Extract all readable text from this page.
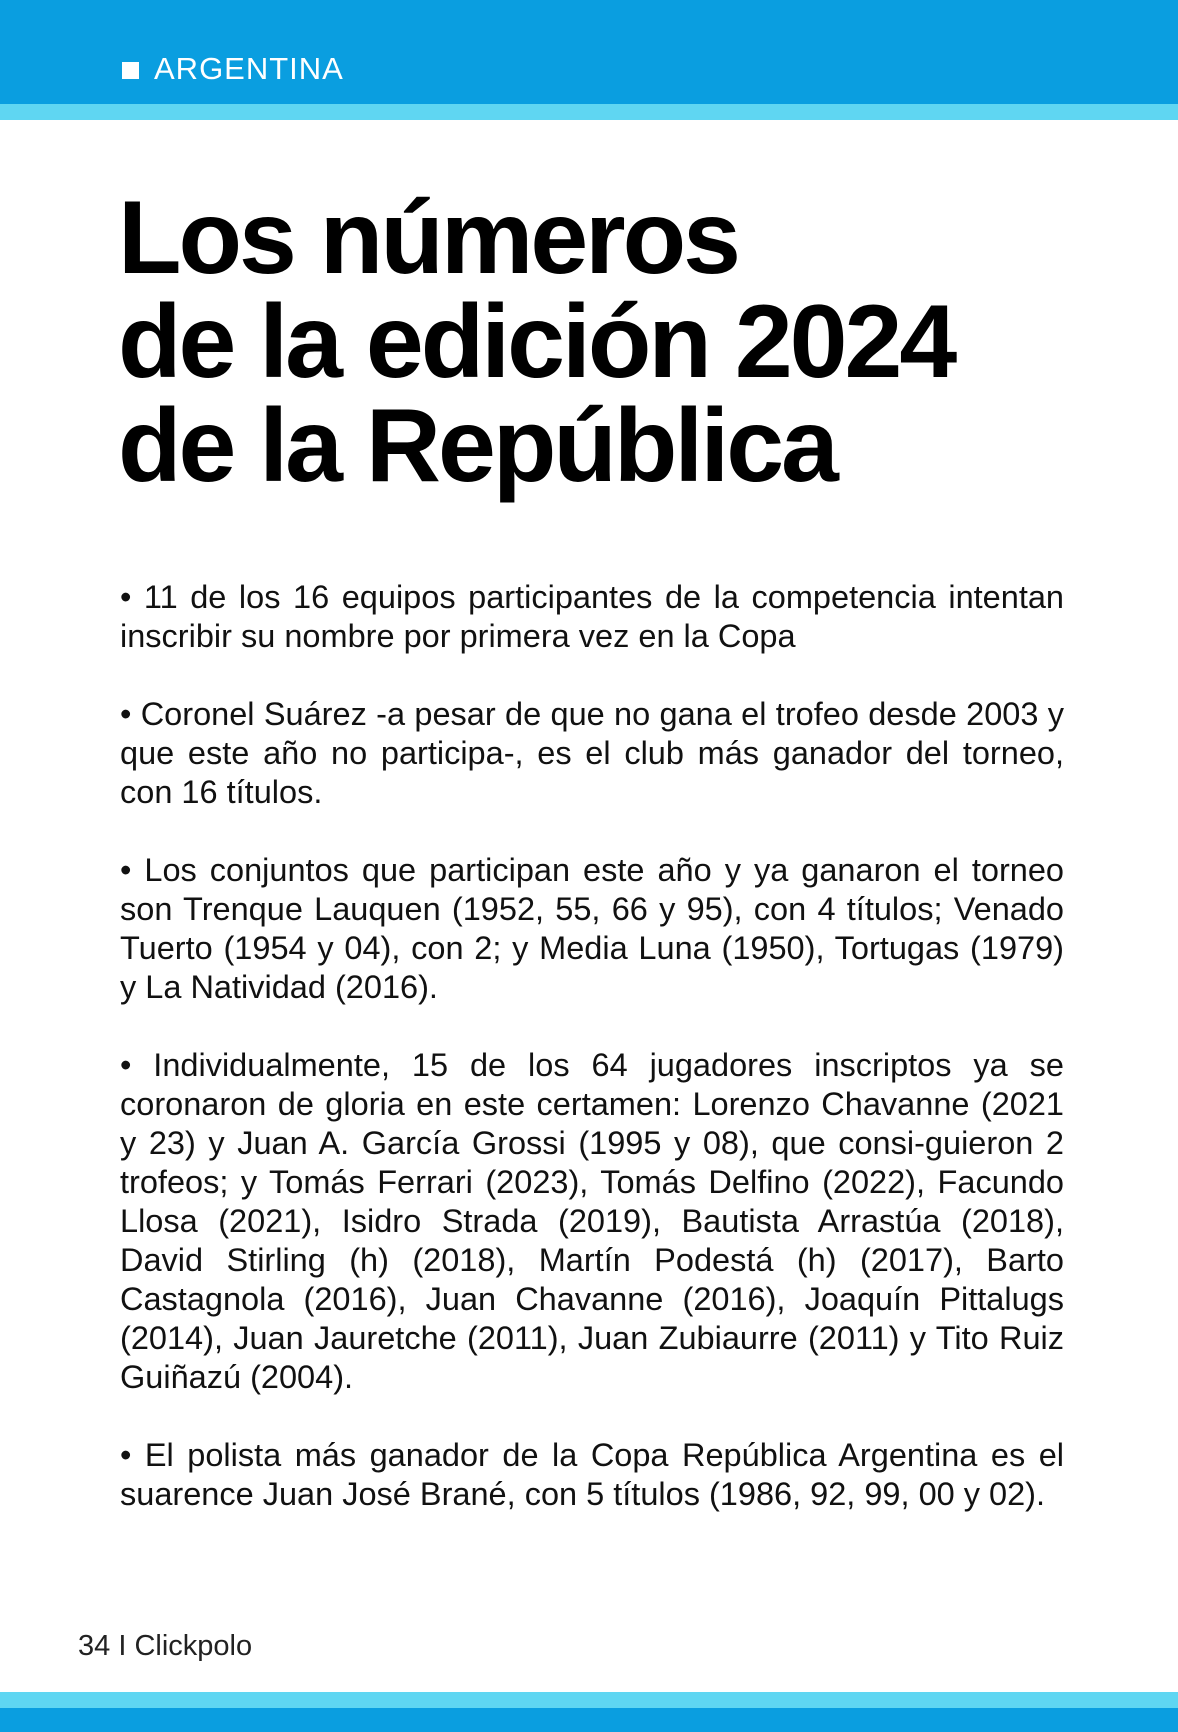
ARGENTINA
Los números
de la edición 2024
de la República

• 11 de los 16 equipos participantes de la competencia intentan inscribir su nombre por primera vez en la Copa

• Coronel Suárez -a pesar de que no gana el trofeo desde 2003 y que este año no participa-, es el club más ganador del torneo, con 16 títulos.

• Los conjuntos que participan este año y ya ganaron el torneo son Trenque Lauquen (1952, 55, 66 y 95), con 4 títulos; Venado Tuerto (1954 y 04), con 2; y Media Luna (1950), Tortugas (1979) y La Natividad (2016).

• Individualmente, 15 de los 64 jugadores inscriptos ya se coronaron de gloria en este certamen: Lorenzo Chavanne (2021 y 23) y Juan A. García Grossi (1995 y 08), que consi-guieron 2 trofeos; y Tomás Ferrari (2023), Tomás Delfino (2022), Facundo Llosa (2021), Isidro Strada (2019), Bautista Arrastúa (2018), David Stirling (h) (2018), Martín Podestá (h) (2017), Barto Castagnola (2016), Juan Chavanne (2016), Joaquín Pittalugs (2014), Juan Jauretche (2011), Juan Zubiaurre (2011) y Tito Ruiz Guiñazú (2004).

• El polista más ganador de la Copa República Argentina es el suarence Juan José Brané, con 5 títulos (1986, 92, 99, 00 y 02).

34 I Clickpolo
